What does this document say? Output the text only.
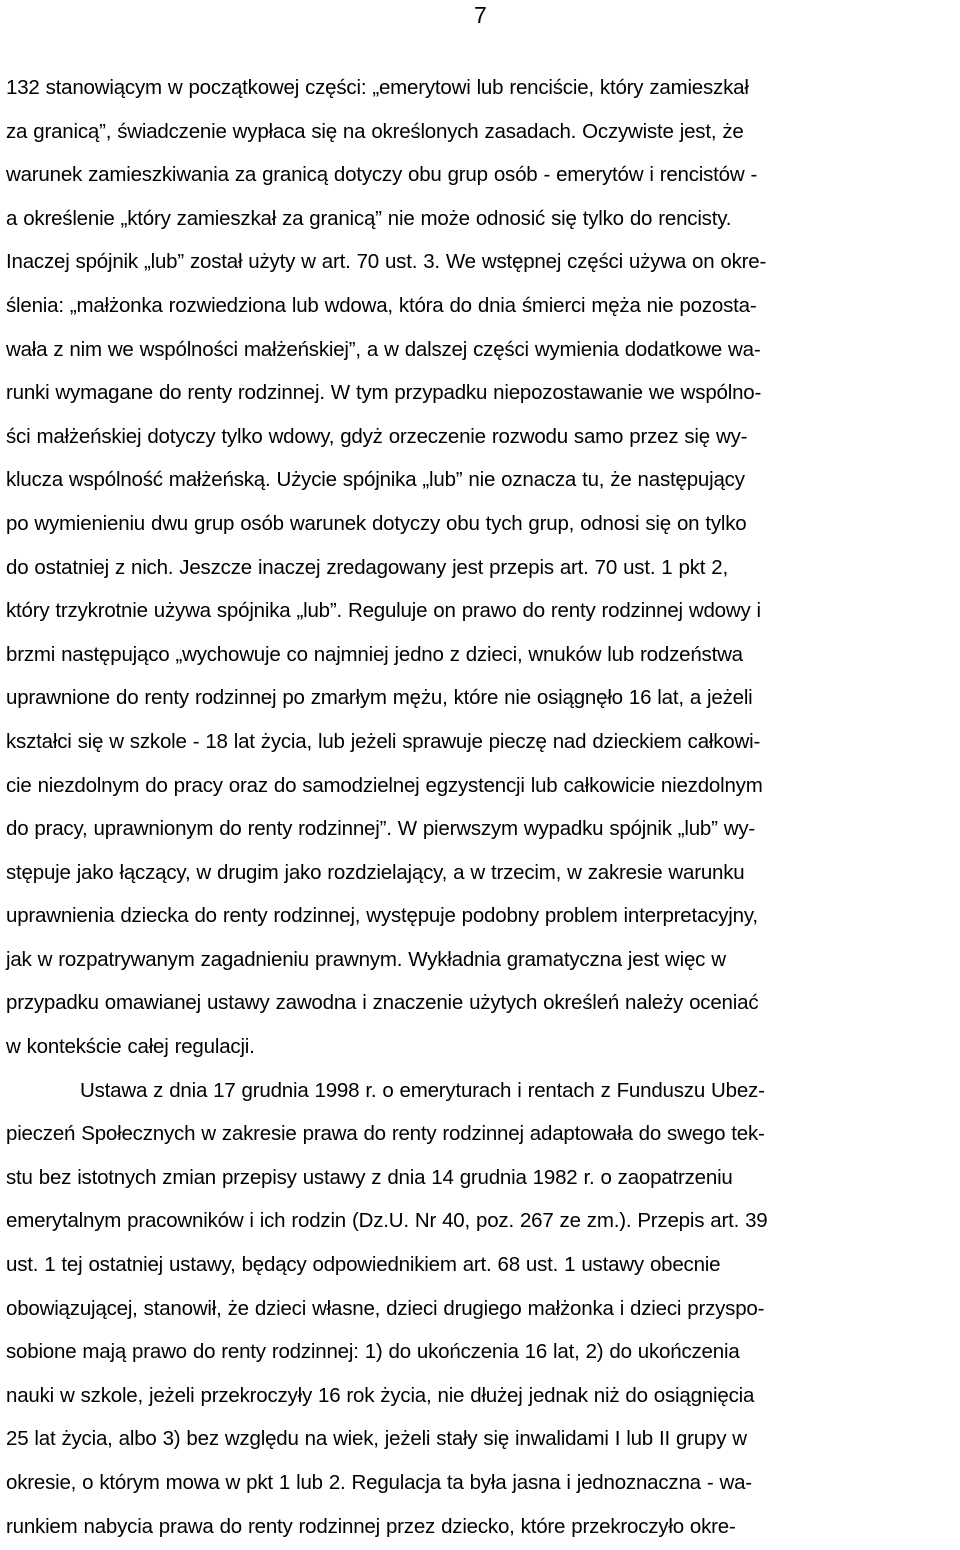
7
132 stanowiącym w początkowej części: „emerytowi lub renciście, który zamieszkał
za granicą”, świadczenie wypłaca się na określonych zasadach. Oczywiste jest, że
warunek zamieszkiwania za granicą dotyczy obu grup osób - emerytów i rencistów -
a określenie „który zamieszkał za granicą” nie może odnosić się tylko do rencisty.
Inaczej spójnik „lub” został użyty w art. 70 ust. 3. We wstępnej części używa on okre-
ślenia: „małżonka rozwiedziona lub wdowa, która do dnia śmierci męża nie pozosta-
wała z nim we wspólności małżeńskiej”, a w dalszej części wymienia dodatkowe wa-
runki wymagane do renty rodzinnej. W tym przypadku niepozostawanie we wspólno-
ści małżeńskiej dotyczy tylko wdowy, gdyż orzeczenie rozwodu samo przez się wy-
klucza wspólność małżeńską. Użycie spójnika „lub” nie oznacza tu, że następujący
po wymienieniu dwu grup osób warunek dotyczy obu tych grup, odnosi się on tylko
do ostatniej z nich. Jeszcze inaczej zredagowany jest przepis art. 70 ust. 1 pkt 2,
który trzykrotnie używa spójnika „lub”. Reguluje on prawo do renty rodzinnej wdowy i
brzmi następująco „wychowuje co najmniej jedno z dzieci, wnuków lub rodzeństwa
uprawnione do renty rodzinnej po zmarłym mężu, które nie osiągnęło 16 lat, a jeżeli
kształci się w szkole - 18 lat życia, lub jeżeli sprawuje pieczę nad dzieckiem całkowi-
cie niezdolnym do pracy oraz do samodzielnej egzystencji lub całkowicie niezdolnym
do pracy, uprawnionym do renty rodzinnej”. W pierwszym wypadku spójnik „lub” wy-
stępuje jako łączący, w drugim jako rozdzielający, a w trzecim, w zakresie warunku
uprawnienia dziecka do renty rodzinnej, występuje podobny problem interpretacyjny,
jak w rozpatrywanym zagadnieniu prawnym. Wykładnia gramatyczna jest więc w
przypadku omawianej ustawy zawodna i znaczenie użytych określeń należy oceniać
w kontekście całej regulacji.
Ustawa z dnia 17 grudnia 1998 r. o emeryturach i rentach z Funduszu Ubez-
pieczeń Społecznych w zakresie prawa do renty rodzinnej adaptowała do swego tek-
stu bez istotnych zmian przepisy ustawy z dnia 14 grudnia 1982 r. o zaopatrzeniu
emerytalnym pracowników i ich rodzin (Dz.U. Nr 40, poz. 267 ze zm.). Przepis art. 39
ust. 1 tej ostatniej ustawy, będący odpowiednikiem art. 68 ust. 1 ustawy obecnie
obowiązującej, stanowił, że dzieci własne, dzieci drugiego małżonka i dzieci przyspo-
sobione mają prawo do renty rodzinnej: 1) do ukończenia 16 lat, 2) do ukończenia
nauki w szkole, jeżeli przekroczyły 16 rok życia, nie dłużej jednak niż do osiągnięcia
25 lat życia, albo 3) bez względu na wiek, jeżeli stały się inwalidami I lub II grupy w
okresie, o którym mowa w pkt 1 lub 2. Regulacja ta była jasna i jednoznaczna - wa-
runkiem nabycia prawa do renty rodzinnej przez dziecko, które przekroczyło okre-
